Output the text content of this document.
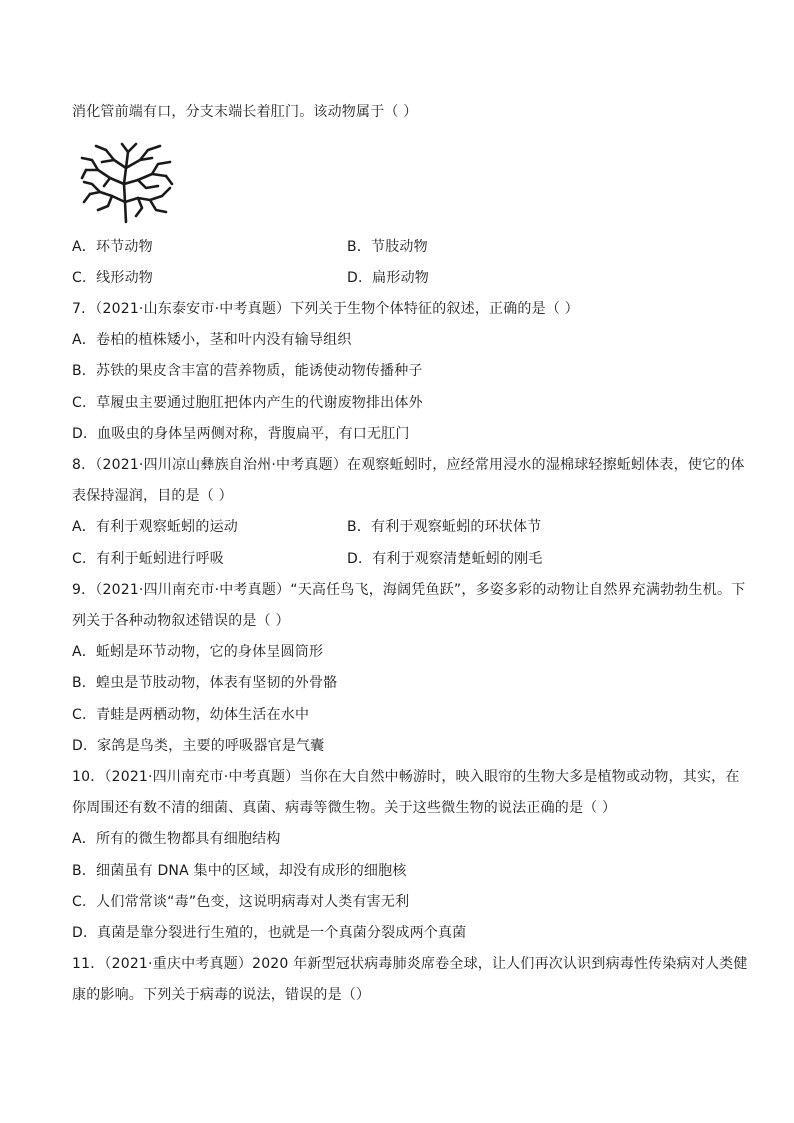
消化管前端有口，分支末端长着肛门。该动物属于（ ）
A．环节动物	B．节肢动物
C．线形动物	D．扁形动物
7．（2021·山东泰安市·中考真题）下列关于生物个体特征的叙述，正确的是（ ）
A．卷柏的植株矮小，茎和叶内没有输导组织
B．苏铁的果皮含丰富的营养物质，能诱使动物传播种子
C．草履虫主要通过胞肛把体内产生的代谢废物排出体外
D．血吸虫的身体呈两侧对称，背腹扁平，有口无肛门
8．（2021·四川凉山彝族自治州·中考真题）在观察蚯蚓时，应经常用浸水的湿棉球轻擦蚯蚓体表，使它的体
表保持湿润，目的是（ ）
A．有利于观察蚯蚓的运动	B．有利于观察蚯蚓的环状体节
C．有利于蚯蚓进行呼吸	D．有利于观察清楚蚯蚓的刚毛
9．（2021·四川南充市·中考真题）“天高任鸟飞，海阔凭鱼跃”，多姿多彩的动物让自然界充满勃勃生机。下
列关于各种动物叙述错误的是（ ）
A．蚯蚓是环节动物，它的身体呈圆筒形
B．蝗虫是节肢动物，体表有坚韧的外骨骼
C．青蛙是两栖动物，幼体生活在水中
D．家鸽是鸟类，主要的呼吸器官是气囊
10．（2021·四川南充市·中考真题）当你在大自然中畅游时，映入眼帘的生物大多是植物或动物，其实，在
你周围还有数不清的细菌、真菌、病毒等微生物。关于这些微生物的说法正确的是（ ）
A．所有的微生物都具有细胞结构
B．细菌虽有 DNA 集中的区域，却没有成形的细胞核
C．人们常常谈“毒”色变，这说明病毒对人类有害无利
D．真菌是靠分裂进行生殖的，也就是一个真菌分裂成两个真菌
11．（2021·重庆中考真题）2020 年新型冠状病毒肺炎席卷全球，让人们再次认识到病毒性传染病对人类健
康的影响。下列关于病毒的说法，错误的是（）
